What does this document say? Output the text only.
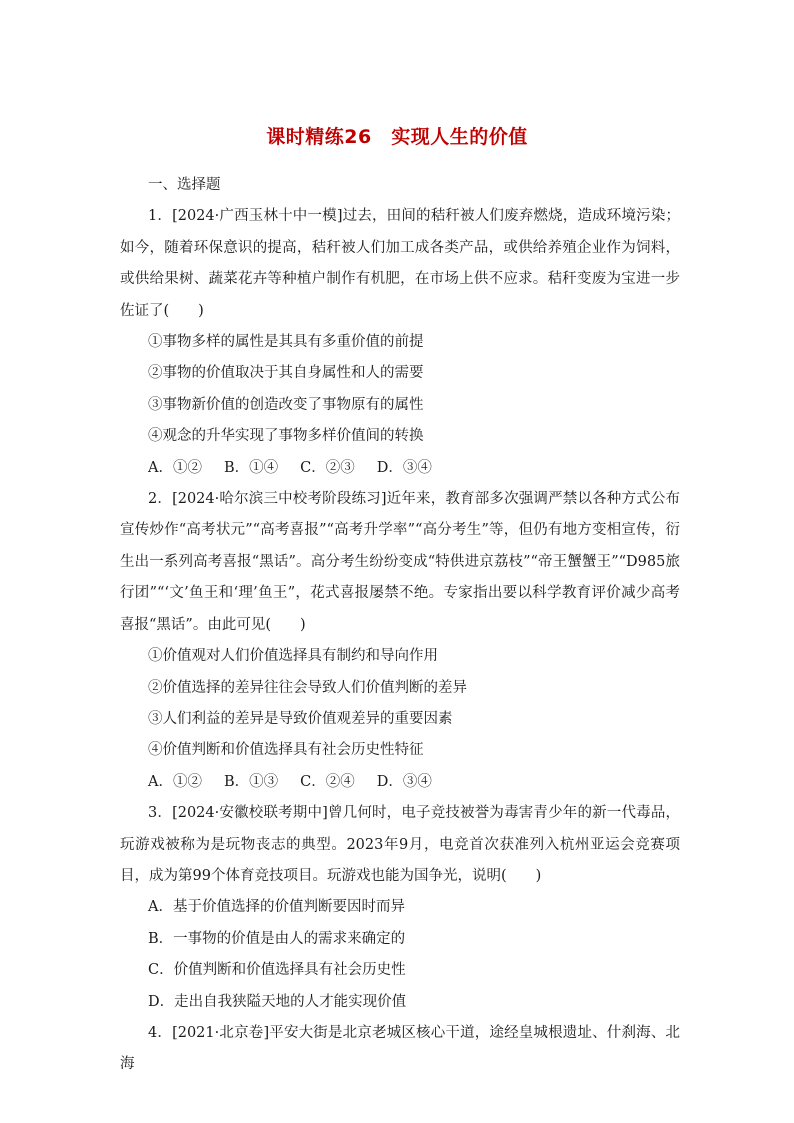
课时精练26　实现人生的价值
一、选择题
1．[2024·广西玉林十中一模]过去，田间的秸秆被人们废弃燃烧，造成环境污染；如今，随着环保意识的提高，秸秆被人们加工成各类产品，或供给养殖企业作为饲料，或供给果树、蔬菜花卉等种植户制作有机肥，在市场上供不应求。秸秆变废为宝进一步佐证了(　　)
①事物多样的属性是其具有多重价值的前提
②事物的价值取决于其自身属性和人的需要
③事物新价值的创造改变了事物原有的属性
④观念的升华实现了事物多样价值间的转换
A．①② B．①④ C．②③ D．③④
2．[2024·哈尔滨三中校考阶段练习]近年来，教育部多次强调严禁以各种方式公布宣传炒作“高考状元”“高考喜报”“高考升学率”“高分考生”等，但仍有地方变相宣传，衍生出一系列高考喜报“黑话”。高分考生纷纷变成“特供进京荔枝”“帝王蟹蟹王”“D985旅行团”“‘文’鱼王和‘理’鱼王”，花式喜报屡禁不绝。专家指出要以科学教育评价减少高考喜报“黑话”。由此可见(　　)
①价值观对人们价值选择具有制约和导向作用
②价值选择的差异往往会导致人们价值判断的差异
③人们利益的差异是导致价值观差异的重要因素
④价值判断和价值选择具有社会历史性特征
A．①② B．①③ C．②④ D．③④
3．[2024·安徽校联考期中]曾几何时，电子竞技被誉为毒害青少年的新一代毒品，玩游戏被称为是玩物丧志的典型。2023年9月，电竞首次获准列入杭州亚运会竞赛项目，成为第99个体育竞技项目。玩游戏也能为国争光，说明(　　)
A．基于价值选择的价值判断要因时而异
B．一事物的价值是由人的需求来确定的
C．价值判断和价值选择具有社会历史性
D．走出自我狭隘天地的人才能实现价值
4．[2021·北京卷]平安大街是北京老城区核心干道，途经皇城根遗址、什刹海、北海
